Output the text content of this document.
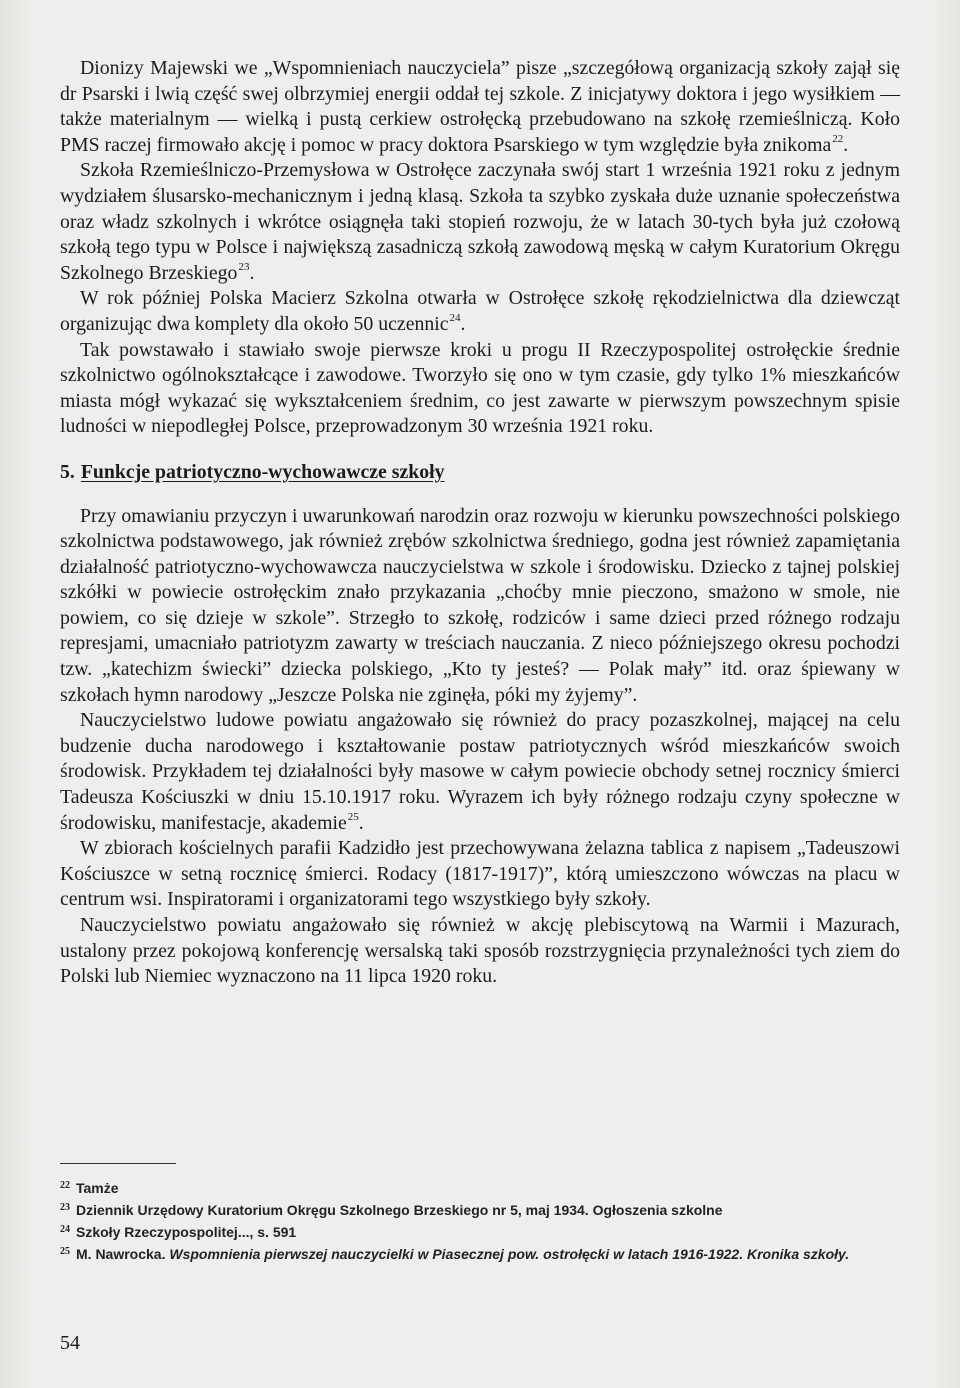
Dionizy Majewski we „Wspomnieniach nauczyciela” pisze „szczegółową organizacją szkoły zajął się dr Psarski i lwią część swej olbrzymiej energii oddał tej szkole. Z inicjatywy doktora i jego wysiłkiem — także materialnym — wielką i pustą cerkiew ostrołęcką przebudowano na szkołę rzemieślniczą. Koło PMS raczej firmowało akcję i pomoc w pracy doktora Psarskiego w tym względzie była znikoma$^{22}$.

Szkoła Rzemieślniczo-Przemysłowa w Ostrołęce zaczynała swój start 1 września 1921 roku z jednym wydziałem ślusarsko-mechanicznym i jedną klasą. Szkoła ta szybko zyskała duże uznanie społeczeństwa oraz władz szkolnych i wkrótce osiągnęła taki stopień rozwoju, że w latach 30-tych była już czołową szkołą tego typu w Polsce i największą zasadniczą szkołą zawodową męską w całym Kuratorium Okręgu Szkolnego Brzeskiego$^{23}$.

W rok później Polska Macierz Szkolna otwarła w Ostrołęce szkołę rękodzielnictwa dla dziewcząt organizując dwa komplety dla około 50 uczennic$^{24}$.

Tak powstawało i stawiało swoje pierwsze kroki u progu II Rzeczypospolitej ostrołęckie średnie szkolnictwo ogólnokształcące i zawodowe. Tworzyło się ono w tym czasie, gdy tylko 1% mieszkańców miasta mógł wykazać się wykształceniem średnim, co jest zawarte w pierwszym powszechnym spisie ludności w niepodległej Polsce, przeprowadzonym 30 września 1921 roku.

5. Funkcje patriotyczno-wychowawcze szkoły

Przy omawianiu przyczyn i uwarunkowań narodzin oraz rozwoju w kierunku powszechności polskiego szkolnictwa podstawowego, jak również zrębów szkolnictwa średniego, godna jest również zapamiętania działalność patriotyczno-wychowawcza nauczycielstwa w szkole i środowisku. Dziecko z tajnej polskiej szkółki w powiecie ostrołęckim znało przykazania „choćby mnie pieczono, smażono w smole, nie powiem, co się dzieje w szkole”. Strzegło to szkołę, rodziców i same dzieci przed różnego rodzaju represjami, umacniało patriotyzm zawarty w treściach nauczania. Z nieco późniejszego okresu pochodzi tzw. „katechizm świecki” dziecka polskiego, „Kto ty jesteś? — Polak mały” itd. oraz śpiewany w szkołach hymn narodowy „Jeszcze Polska nie zginęła, póki my żyjemy”.

Nauczycielstwo ludowe powiatu angażowało się również do pracy pozaszkolnej, mającej na celu budzenie ducha narodowego i kształtowanie postaw patriotycznych wśród mieszkańców swoich środowisk. Przykładem tej działalności były masowe w całym powiecie obchody setnej rocznicy śmierci Tadeusza Kościuszki w dniu 15.10.1917 roku. Wyrazem ich były różnego rodzaju czyny społeczne w środowisku, manifestacje, akademie$^{25}$.

W zbiorach kościelnych parafii Kadzidło jest przechowywana żelazna tablica z napisem „Tadeuszowi Kościuszce w setną rocznicę śmierci. Rodacy (1817-1917)”, którą umieszczono wówczas na placu w centrum wsi. Inspiratorami i organizatorami tego wszystkiego były szkoły.

Nauczycielstwo powiatu angażowało się również w akcję plebiscytową na Warmii i Mazurach, ustalony przez pokojową konferencję wersalską taki sposób rozstrzygnięcia przynależności tych ziem do Polski lub Niemiec wyznaczono na 11 lipca 1920 roku.

$^{22}$ Tamże
$^{23}$ Dziennik Urzędowy Kuratorium Okręgu Szkolnego Brzeskiego nr 5, maj 1934. Ogłoszenia szkolne
$^{24}$ Szkoły Rzeczypospolitej..., s. 591
$^{25}$ M. Nawrocka. Wspomnienia pierwszej nauczycielki w Piasecznej pow. ostrołęcki w latach 1916-1922. Kronika szkoły.
54
